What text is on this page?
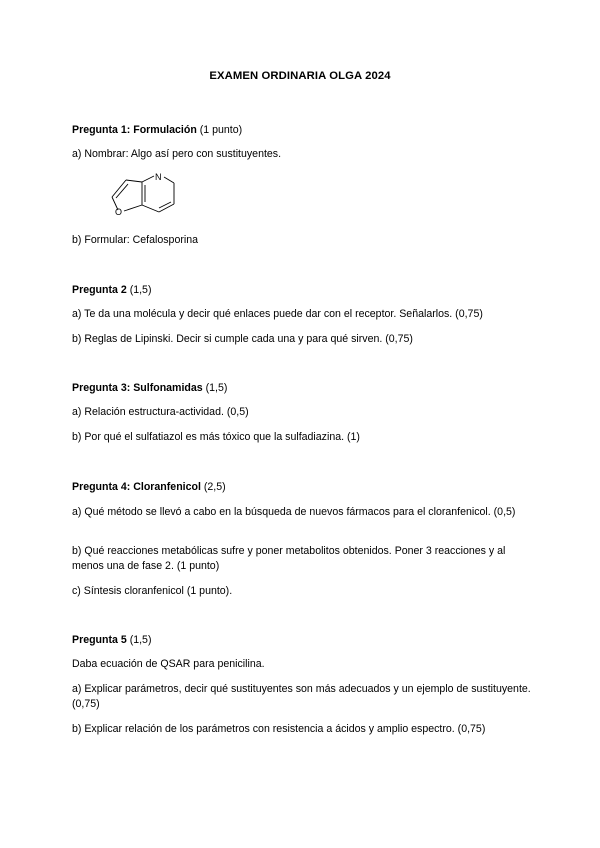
EXAMEN ORDINARIA OLGA 2024
Pregunta 1: Formulación (1 punto)
a) Nombrar: Algo así pero con sustituyentes.
N
O
b) Formular: Cefalosporina
Pregunta 2 (1,5)
a) Te da una molécula y decir qué enlaces puede dar con el receptor. Señalarlos. (0,75)
b) Reglas de Lipinski. Decir si cumple cada una y para qué sirven. (0,75)
Pregunta 3: Sulfonamidas (1,5)
a) Relación estructura-actividad. (0,5)
b) Por qué el sulfatiazol es más tóxico que la sulfadiazina. (1)
Pregunta 4: Cloranfenicol (2,5)
a) Qué método se llevó a cabo en la búsqueda de nuevos fármacos para el cloranfenicol. (0,5)
b) Qué reacciones metabólicas sufre y poner metabolitos obtenidos. Poner 3 reacciones y al menos una de fase 2. (1 punto)
c) Síntesis cloranfenicol (1 punto).
Pregunta 5 (1,5)
Daba ecuación de QSAR para penicilina.
a) Explicar parámetros, decir qué sustituyentes son más adecuados y un ejemplo de sustituyente. (0,75)
b) Explicar relación de los parámetros con resistencia a ácidos y amplio espectro. (0,75)
